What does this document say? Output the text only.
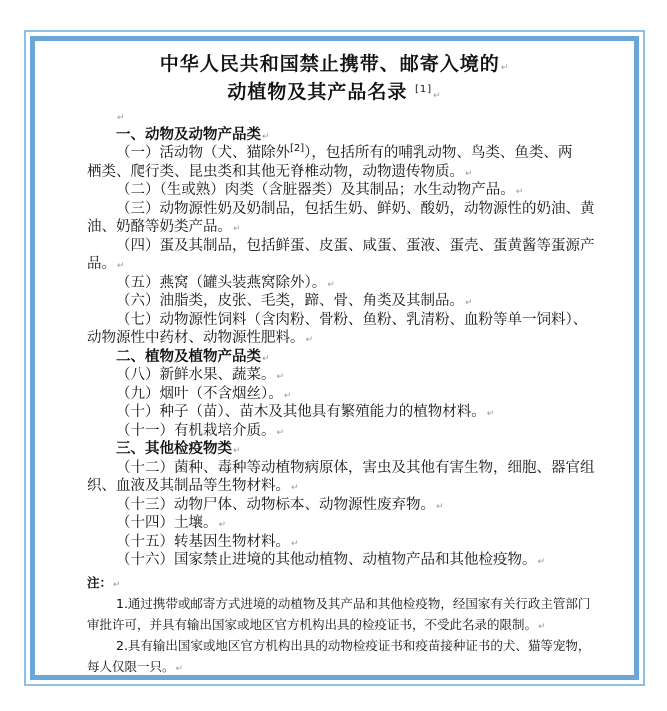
中华人民共和国禁止携带、邮寄入境的↵
动植物及其产品名录 [1]↵
↵
一、动物及动物产品类↵
（一）活动物（犬、猫除外[2]），包括所有的哺乳动物、鸟类、鱼类、两
栖类、爬行类、昆虫类和其他无脊椎动物，动物遗传物质。↵
（二）（生或熟）肉类（含脏器类）及其制品；水生动物产品。↵
（三）动物源性奶及奶制品，包括生奶、鲜奶、酸奶，动物源性的奶油、黄
油、奶酪等奶类产品。↵
（四）蛋及其制品，包括鲜蛋、皮蛋、咸蛋、蛋液、蛋壳、蛋黄酱等蛋源产
品。↵
（五）燕窝（罐头装燕窝除外）。↵
（六）油脂类，皮张、毛类，蹄、骨、角类及其制品。↵
（七）动物源性饲料（含肉粉、骨粉、鱼粉、乳清粉、血粉等单一饲料）、
动物源性中药材、动物源性肥料。↵
二、植物及植物产品类↵
（八）新鲜水果、蔬菜。↵
（九）烟叶（不含烟丝）。↵
（十）种子（苗）、苗木及其他具有繁殖能力的植物材料。↵
（十一）有机栽培介质。↵
三、其他检疫物类↵
（十二）菌种、毒种等动植物病原体，害虫及其他有害生物，细胞、器官组
织、血液及其制品等生物材料。↵
（十三）动物尸体、动物标本、动物源性废弃物。↵
（十四）土壤。↵
（十五）转基因生物材料。↵
（十六）国家禁止进境的其他动植物、动植物产品和其他检疫物。↵
注：↵
1.通过携带或邮寄方式进境的动植物及其产品和其他检疫物，经国家有关行政主管部门
审批许可，并具有输出国家或地区官方机构出具的检疫证书，不受此名录的限制。↵
2.具有输出国家或地区官方机构出具的动物检疫证书和疫苗接种证书的犬、猫等宠物，
每人仅限一只。↵
